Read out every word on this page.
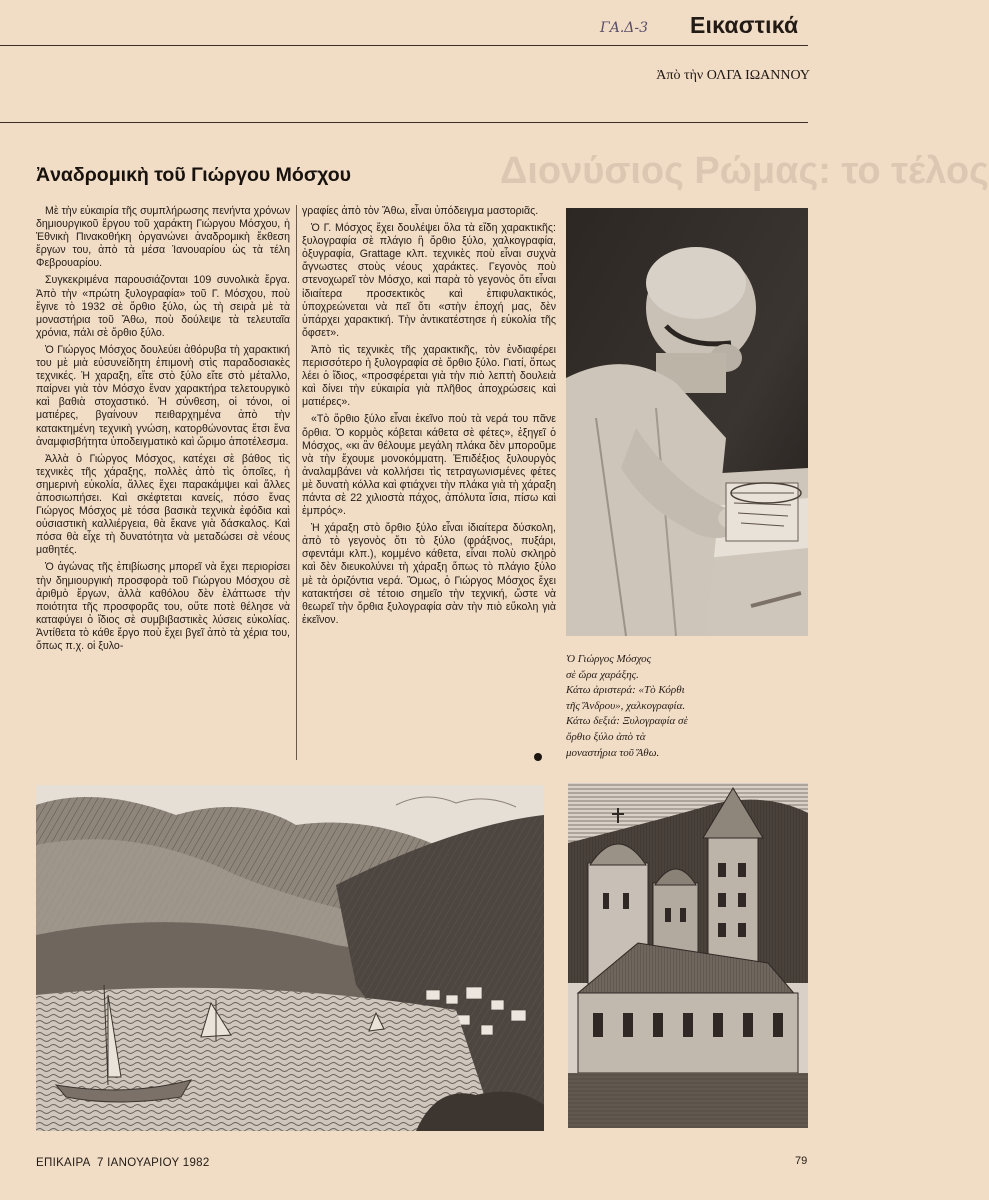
Εικαστικά
ΓΑ.Δ-3
Ἀπὸ τὴν ΟΛΓΑ ΙΩΑΝΝΟΥ
Διονύσιος Ρώμας: το τέλος
Ἀναδρομικὴ τοῦ Γιώργου Μόσχου

Μὲ τὴν εὐκαιρία τῆς συμπλήρωσης πενήντα χρόνων δημιουργικοῦ ἔργου τοῦ χαράκτη Γιώργου Μόσχου, ἡ Ἐθνικὴ Πινακοθήκη ὀργανώνει ἀναδρομικὴ ἔκθεση ἔργων του, ἀπὸ τὰ μέσα Ἰανουαρίου ὡς τὰ τέλη Φεβρουαρίου.

Συγκεκριμένα παρουσιάζονται 109 συνολικὰ ἔργα. Ἀπὸ τὴν «πρώτη ξυλογραφία» τοῦ Γ. Μόσχου, ποὺ ἔγινε τὸ 1932 σὲ ὄρθιο ξύλο, ὡς τὴ σειρὰ μὲ τὰ μοναστήρια τοῦ Ἄθω, ποὺ δούλεψε τὰ τελευταῖα χρόνια, πάλι σὲ ὄρθιο ξύλο.

Ὁ Γιώργος Μόσχος δουλεύει ἀθόρυβα τὴ χαρακτική του μὲ μιὰ εὐσυνείδητη ἐπιμονὴ στὶς παραδοσιακὲς τεχνικές. Ἡ χαραξη, εἴτε στὸ ξύλο εἴτε στὸ μέταλλο, παίρνει γιὰ τὸν Μόσχο ἕναν χαρακτήρα τελετουργικὸ καὶ βαθιὰ στοχαστικό. Ἡ σύνθεση, οἱ τόνοι, οἱ ματιέρες, βγαίνουν πειθαρχημένα ἀπὸ τὴν κατακτημένη τεχνικὴ γνώση, κατορθώνοντας ἔτσι ἕνα ἀναμφισβήτητα ὑποδειγματικὸ καὶ ὥριμο ἀποτέλεσμα.

Ἀλλὰ ὁ Γιώργος Μόσχος, κατέχει σὲ βάθος τὶς τεχνικὲς τῆς χάραξης, πολλὲς ἀπὸ τὶς ὁποῖες, ἡ σημερινὴ εὐκολία, ἄλλες ἔχει παρακάμψει καὶ ἄλλες ἀποσιωπήσει. Καὶ σκέφτεται κανείς, πόσο ἕνας Γιώργος Μόσχος μὲ τόσα βασικὰ τεχνικὰ ἐφόδια καὶ οὐσιαστικὴ καλλιέργεια, θὰ ἔκανε γιὰ δάσκαλος. Καὶ πόσα θὰ εἶχε τὴ δυνατότητα νὰ μεταδώσει σὲ νέους μαθητές.

Ὁ ἀγώνας τῆς ἐπιβίωσης μπορεῖ νὰ ἔχει περιορίσει τὴν δημιουργικὴ προσφορὰ τοῦ Γιώργου Μόσχου σὲ ἀριθμὸ ἔργων, ἀλλὰ καθόλου δὲν ἐλάττωσε τὴν ποιότητα τῆς προσφορᾶς του, οὔτε ποτὲ θέλησε νὰ καταφύγει ὁ ἴδιος σὲ συμβιβαστικὲς λύσεις εὐκολίας. Ἀντίθετα τὸ κάθε ἔργο ποὺ ἔχει βγεῖ ἀπὸ τὰ χέρια του, ὅπως π.χ. οἱ ξυλο-

γραφίες ἀπὸ τὸν Ἄθω, εἶναι ὑπόδειγμα μαστοριᾶς.

Ὁ Γ. Μόσχος ἔχει δουλέψει ὅλα τὰ εἴδη χαρακτικῆς: ξυλογραφία σὲ πλάγιο ἢ ὄρθιο ξύλο, χαλκογραφία, ὀξυγραφία, Grattage κλπ. τεχνικὲς ποὺ εἶναι συχνὰ ἄγνωστες στοὺς νέους χαράκτες. Γεγονὸς ποὺ στενοχωρεῖ τὸν Μόσχο, καὶ παρὰ τὸ γεγονὸς ὅτι εἶναι ἰδιαίτερα προσεκτικὸς καὶ ἐπιφυλακτικός, ὑποχρεώνεται νὰ πεῖ ὅτι «στὴν ἐποχή μας, δὲν ὑπάρχει χαρακτική. Τὴν ἀντικατέστησε ἡ εὐκολία τῆς ὄφσετ».

Ἀπὸ τὶς τεχνικὲς τῆς χαρακτικῆς, τὸν ἐνδιαφέρει περισσότερο ἡ ξυλογραφία σὲ ὄρθιο ξύλο. Γιατί, ὅπως λέει ὁ ἴδιος, «προσφέρεται γιὰ τὴν πιὸ λεπτὴ δουλειὰ καὶ δίνει τὴν εὐκαιρία γιὰ πλῆθος ἀποχρώσεις καὶ ματιέρες».

«Τὸ ὄρθιο ξύλο εἶναι ἐκεῖνο ποὺ τὰ νερά του πᾶνε ὄρθια. Ὁ κορμὸς κόβεται κάθετα σὲ φέτες», ἐξηγεῖ ὁ Μόσχος, «κι ἂν θέλουμε μεγάλη πλάκα δὲν μποροῦμε νὰ τὴν ἔχουμε μονοκόμματη. Ἐπιδέξιος ξυλουργὸς ἀναλαμβάνει νὰ κολλήσει τὶς τετραγωνισμένες φέτες μὲ δυνατὴ κόλλα καὶ φτιάχνει τὴν πλάκα γιὰ τὴ χάραξη πάντα σὲ 22 χιλιοστὰ πάχος, ἀπόλυτα ἴσια, πίσω καὶ ἐμπρός».

Ἡ χάραξη στὸ ὄρθιο ξύλο εἶναι ἰδιαίτερα δύσκολη, ἀπὸ τὸ γεγονὸς ὅτι τὸ ξύλο (φράξινος, πυξάρι, σφεντάμι κλπ.), κομμένο κάθετα, εἶναι πολὺ σκληρὸ καὶ δὲν διευκολύνει τὴ χάραξη ὅπως τὸ πλάγιο ξύλο μὲ τὰ ὁριζόντια νερά. Ὅμως, ὁ Γιώργος Μόσχος ἔχει κατακτήσει σὲ τέτοιο σημεῖο τὴν τεχνική, ὥστε νὰ θεωρεῖ τὴν ὄρθια ξυλογραφία σὰν τὴν πιὸ εὔκολη γιὰ ἐκεῖνον.

Ὁ Γιώργος Μόσχος
σὲ ὥρα χαράξης.
Κάτω ἀριστερά: «Τὸ Κόρθι
τῆς Ἄνδρου», χαλκογραφία.
Κάτω δεξιά: Ξυλογραφία σὲ
ὄρθιο ξύλο ἀπὸ τὰ
μοναστήρια τοῦ Ἄθω.
ΕΠΙΚΑΙΡΑ  7 ΙΑΝΟΥΑΡΙΟΥ 1982	79
